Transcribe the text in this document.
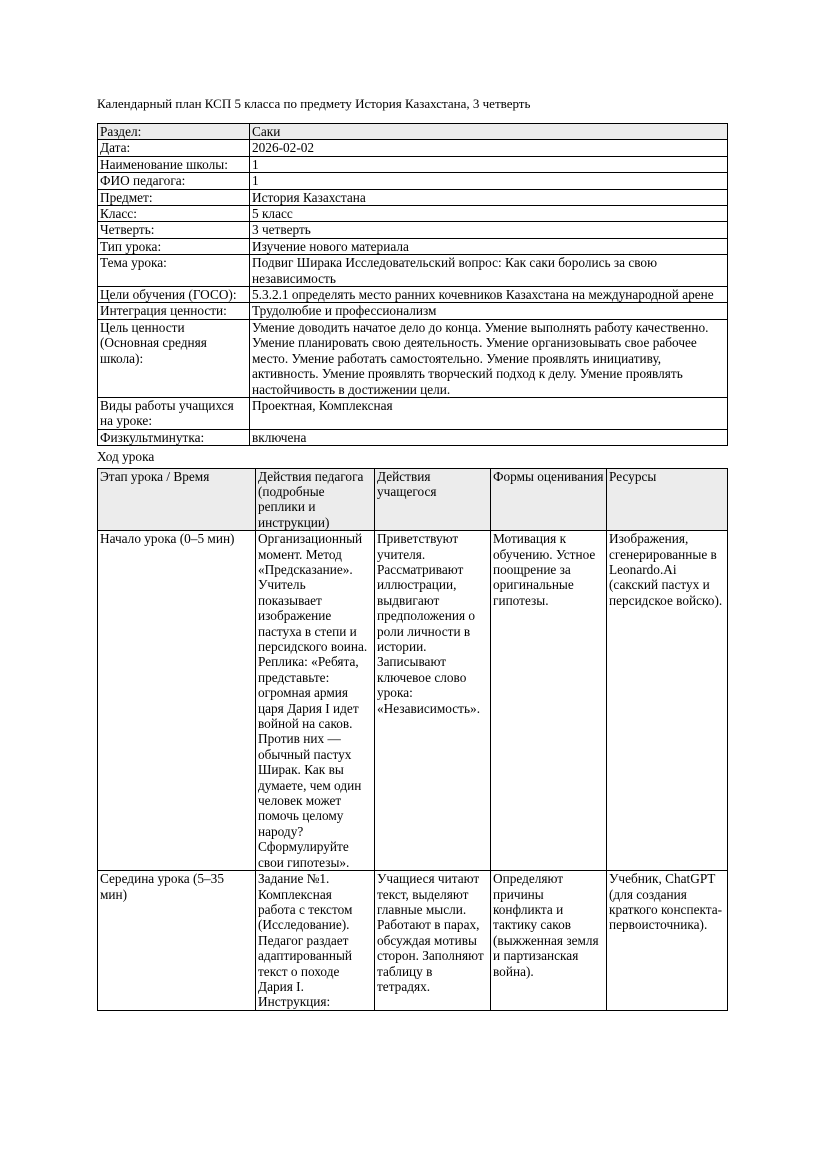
Календарный план КСП 5 класса по предмету История Казахстана, 3 четверть

Раздел:	Саки
Дата:	2026-02-02
Наименование школы:	1
ФИО педагога:	1
Предмет:	История Казахстана
Класс:	5 класс
Четверть:	3 четверть
Тип урока:	Изучение нового материала
Тема урока:	Подвиг Ширака Исследовательский вопрос: Как саки боролись за свою независимость
Цели обучения (ГОСО):	5.3.2.1 определять место ранних кочевников Казахстана на международной арене
Интеграция ценности:	Трудолюбие и профессионализм
Цель ценности (Основная средняя школа):	Умение доводить начатое дело до конца. Умение выполнять работу качественно. Умение планировать свою деятельность. Умение организовывать свое рабочее место. Умение работать самостоятельно. Умение проявлять инициативу, активность. Умение проявлять творческий подход к делу. Умение проявлять настойчивость в достижении цели.
Виды работы учащихся на уроке:	Проектная, Комплексная
Физкультминутка:	включена

Ход урока

Этап урока / Время	Действия педагога (подробные реплики и инструкции)	Действия учащегося	Формы оценивания	Ресурсы
Начало урока (0–5 мин)	Организационный момент. Метод «Предсказание». Учитель показывает изображение пастуха в степи и персидского воина. Реплика: «Ребята, представьте: огромная армия царя Дария I идет войной на саков. Против них — обычный пастух Ширак. Как вы думаете, чем один человек может помочь целому народу? Сформулируйте свои гипотезы».	Приветствуют учителя. Рассматривают иллюстрации, выдвигают предположения о роли личности в истории. Записывают ключевое слово урока: «Независимость».	Мотивация к обучению. Устное поощрение за оригинальные гипотезы.	Изображения, сгенерированные в Leonardo.Ai (сакский пастух и персидское войско).
Середина урока (5–35 мин)	Задание №1. Комплексная работа с текстом (Исследование). Педагог раздает адаптированный текст о походе Дария I. Инструкция:	Учащиеся читают текст, выделяют главные мысли. Работают в парах, обсуждая мотивы сторон. Заполняют таблицу в тетрадях.	Определяют причины конфликта и тактику саков (выжженная земля и партизанская война).	Учебник, ChatGPT (для создания краткого конспекта-первоисточника).
